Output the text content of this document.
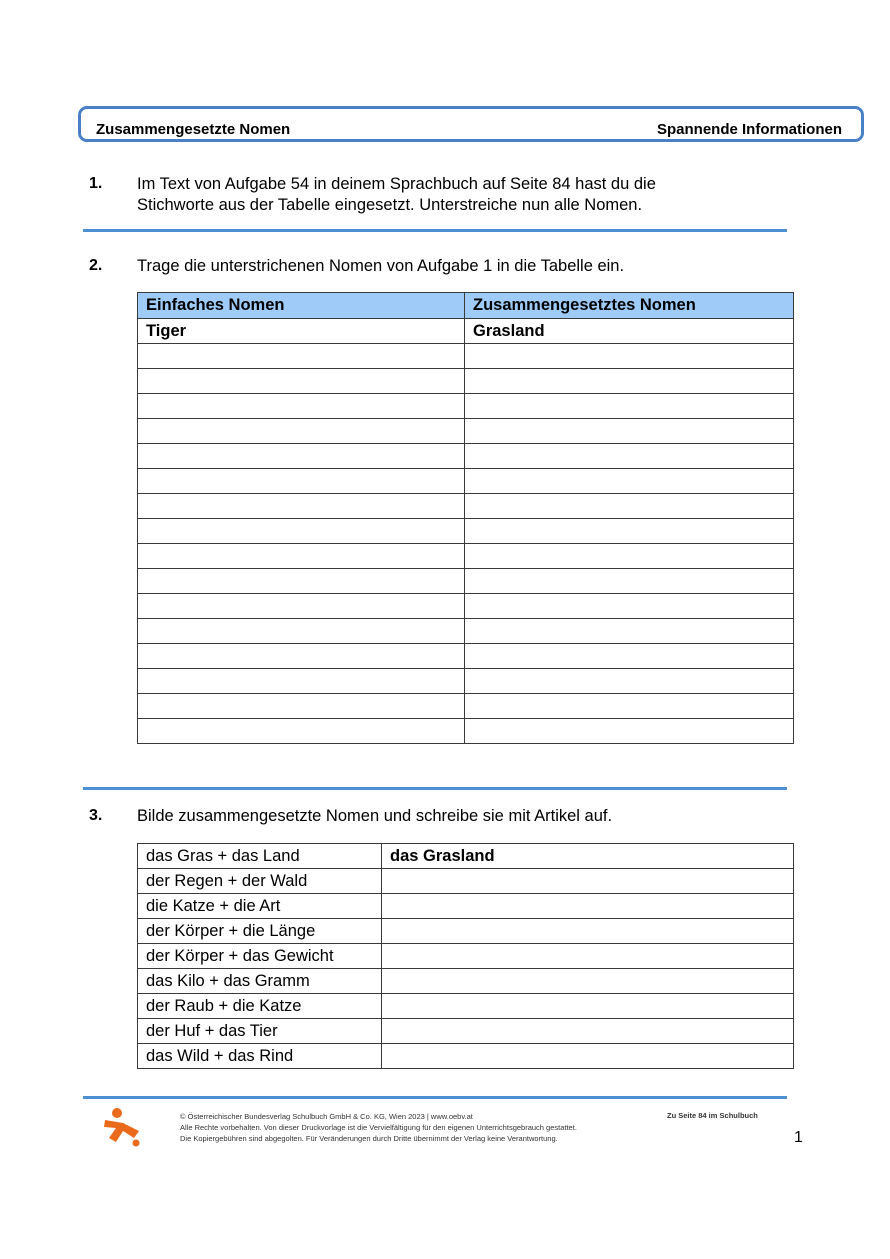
Zusammengesetzte Nomen	Spannende Informationen
1. Im Text von Aufgabe 54 in deinem Sprachbuch auf Seite 84 hast du die
Stichworte aus der Tabelle eingesetzt. Unterstreiche nun alle Nomen.
2. Trage die unterstrichenen Nomen von Aufgabe 1 in die Tabelle ein.
Einfaches Nomen	Zusammengesetztes Nomen
Tiger	Grasland

3. Bilde zusammengesetzte Nomen und schreibe sie mit Artikel auf.
das Gras + das Land	das Grasland
der Regen + der Wald	
die Katze + die Art	
der Körper + die Länge	
der Körper + das Gewicht	
das Kilo + das Gramm	
der Raub + die Katze	
der Huf + das Tier	
das Wild + das Rind	
© Österreichischer Bundesverlag Schulbuch GmbH & Co. KG, Wien 2023 | www.oebv.at
Alle Rechte vorbehalten. Von dieser Druckvorlage ist die Vervielfältigung für den eigenen Unterrichtsgebrauch gestattet.
Die Kopiergebühren sind abgegolten. Für Veränderungen durch Dritte übernimmt der Verlag keine Verantwortung.
Zu Seite 84 im Schulbuch
1
